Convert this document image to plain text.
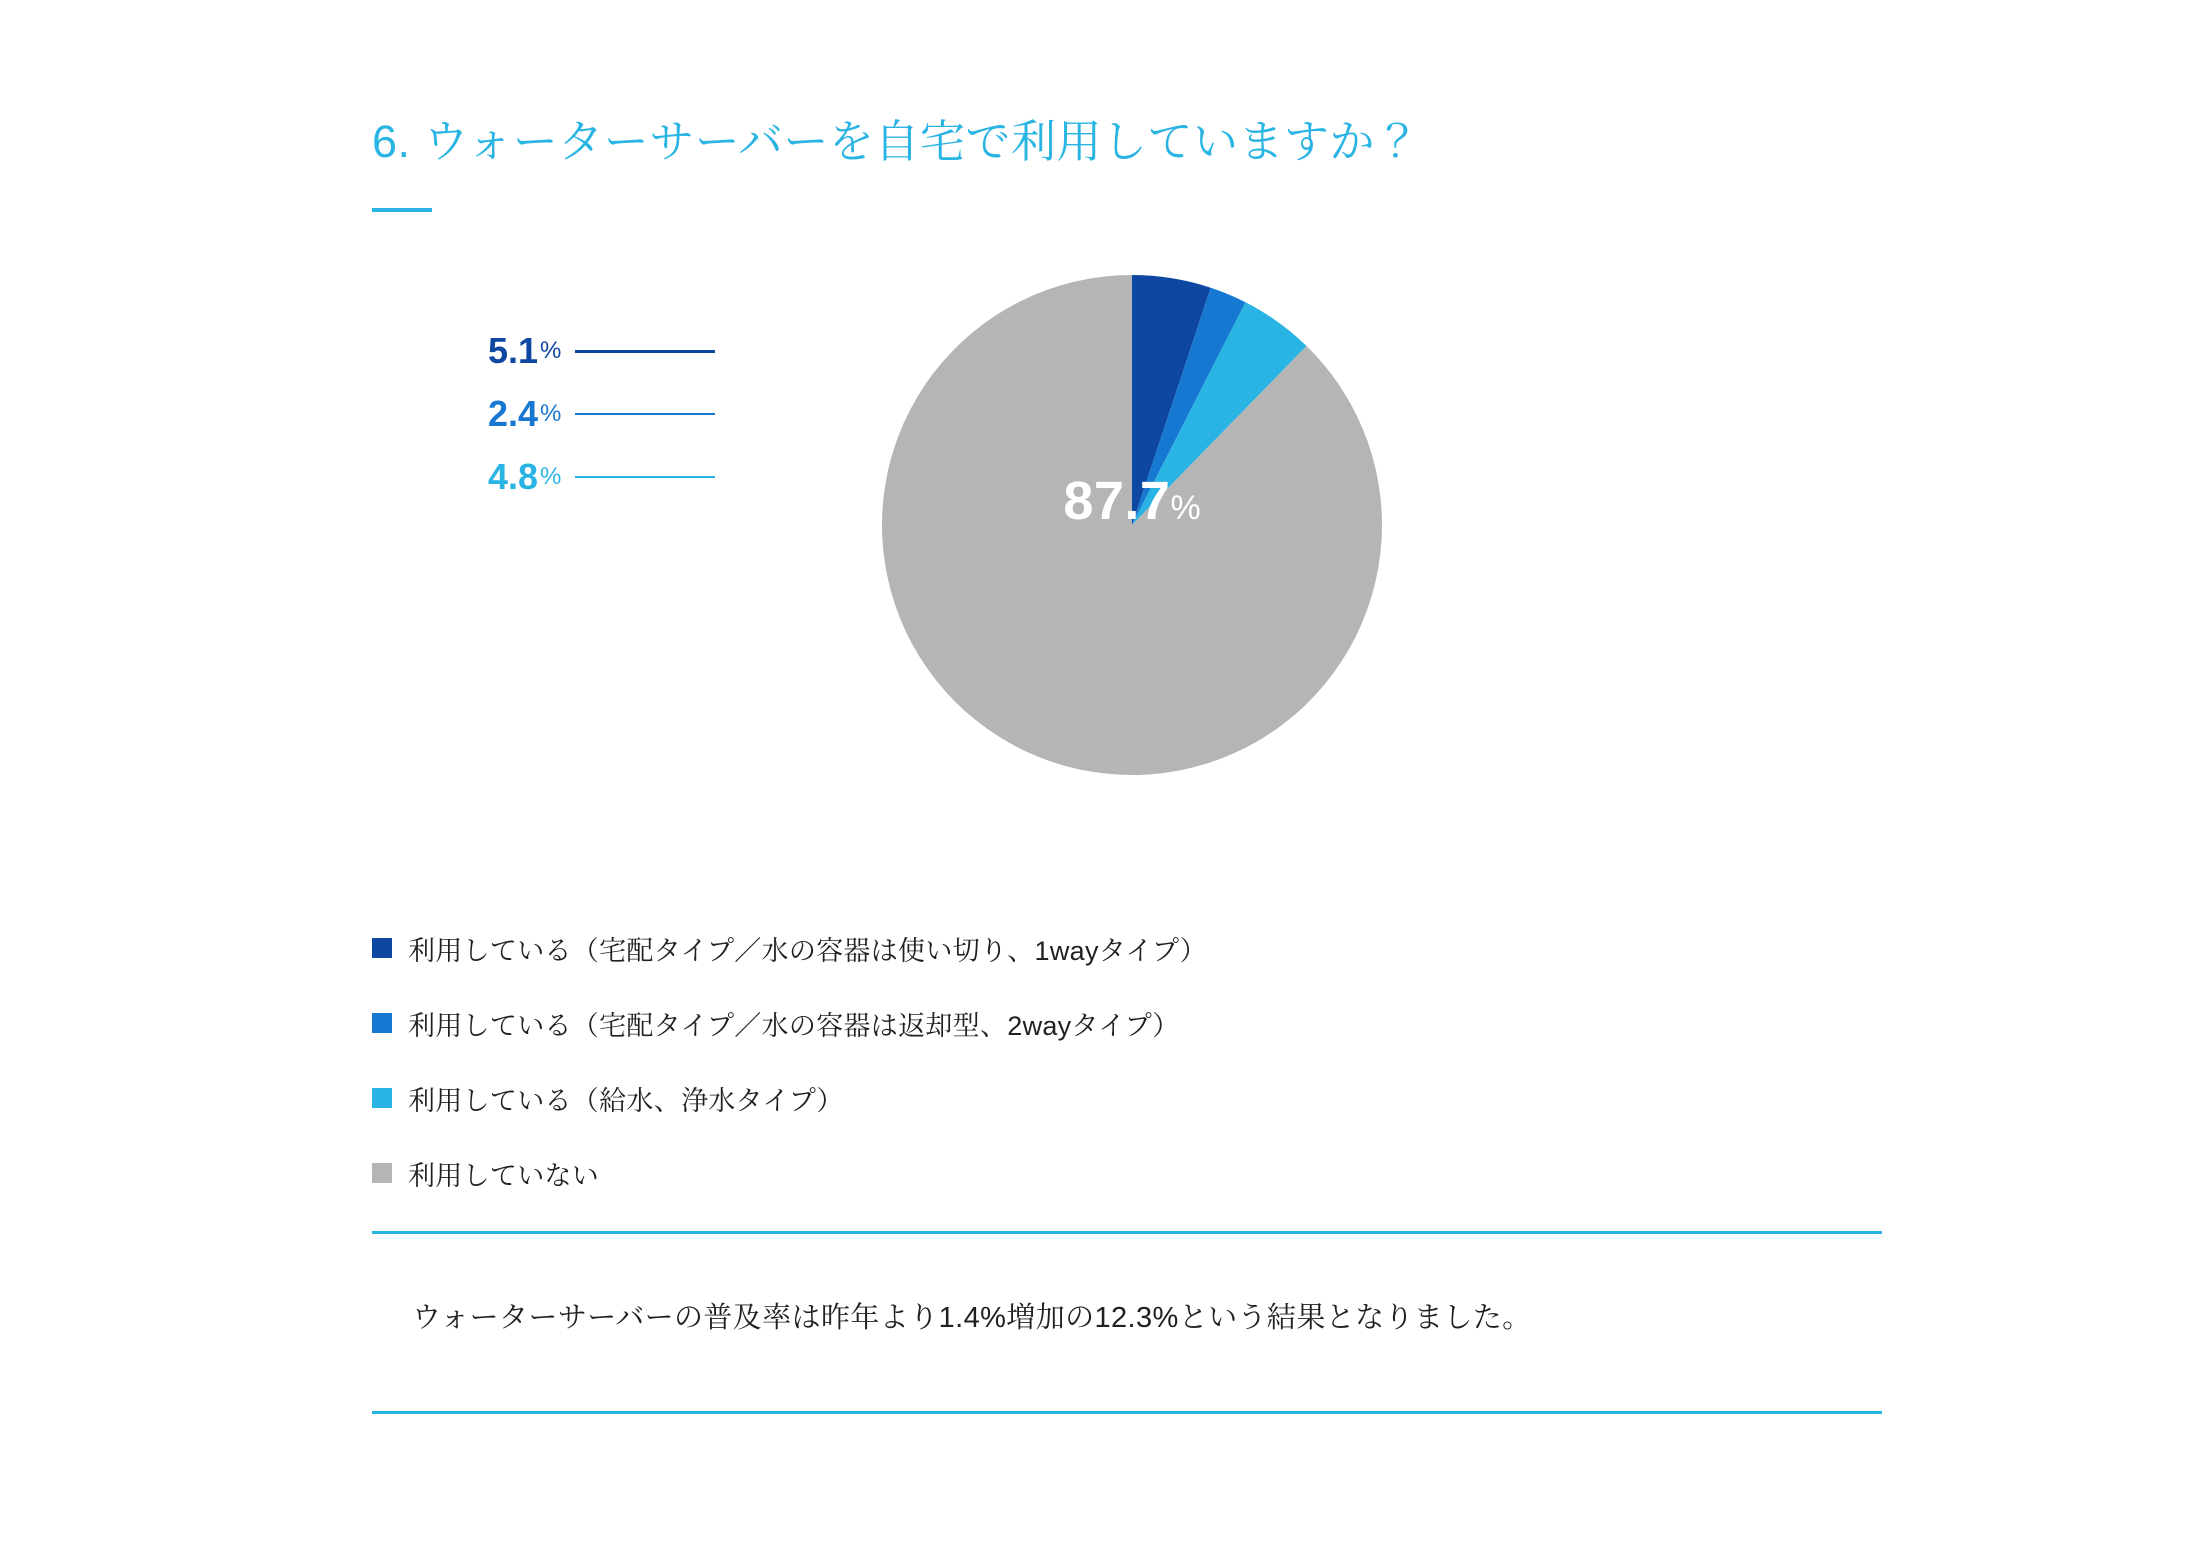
6. ウォーターサーバーを自宅で利用していますか？
5.1 %
2.4 %
4.8 %	87.7%
利用している（宅配タイプ／水の容器は使い切り、1wayタイプ）
利用している（宅配タイプ／水の容器は返却型、2wayタイプ）
利用している（給水、浄水タイプ）
利用していない
ウォーターサーバーの普及率は昨年より1.4%増加の12.3%という結果となりました。
